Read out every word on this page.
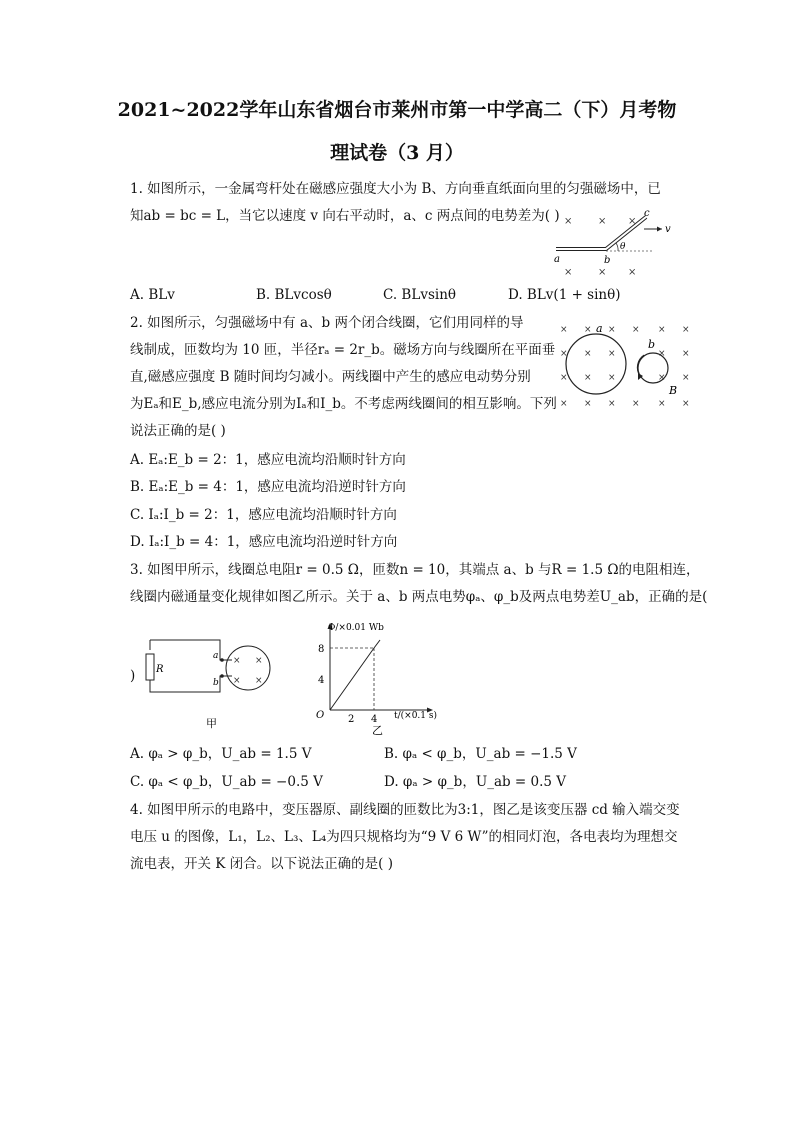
2021~2022学年山东省烟台市莱州市第一中学高二（下）月考物
理试卷（3 月）
1. 如图所示，一金属弯杆处在磁感应强度大小为 B、方向垂直纸面向里的匀强磁场中，已
知ab = bc = L，当它以速度 v 向右平动时，a、c 两点间的电势差为( ) ×	× ×
×	× ×
a	b
c
v
θ
A. BLv	B. BLvcosθ	C. BLvsinθ	D. BLv(1 + sinθ)
2. 如图所示，匀强磁场中有 a、b 两个闭合线圈，它们用同样的导
线制成，匝数均为 10 匝，半径rₐ = 2r_b。磁场方向与线圈所在平面垂
直,磁感应强度 B 随时间均匀减小。两线圈中产生的感应电动势分别
为Eₐ和E_b,感应电流分别为Iₐ和I_b。不考虑两线圈间的相互影响。下列
说法正确的是( )
× × × × × ×
× × ×	× ×
× × ×	× ×
× × × × × ×
a
b
B
A. Eₐ:E_b = 2：1，感应电流均沿顺时针方向
B. Eₐ:E_b = 4：1，感应电流均沿逆时针方向
C. Iₐ:I_b = 2：1，感应电流均沿顺时针方向
D. Iₐ:I_b = 4：1，感应电流均沿逆时针方向
3. 如图甲所示，线圈总电阻r = 0.5 Ω，匝数n = 10，其端点 a、b 与R = 1.5 Ω的电阻相连，
线圈内磁通量变化规律如图乙所示。关于 a、b 两点电势φₐ、φ_b及两点电势差U_ab，正确的是(
)
× ×
× ×
R
a
b
甲
Φ/×0.01 Wb
t/(×0.1 s)
O
4
8
2 4
乙
A. φₐ > φ_b，U_ab = 1.5 V	B. φₐ < φ_b，U_ab = −1.5 V
C. φₐ < φ_b，U_ab = −0.5 V	D. φₐ > φ_b，U_ab = 0.5 V
4. 如图甲所示的电路中，变压器原、副线圈的匝数比为3:1，图乙是该变压器 cd 输入端交变
电压 u 的图像，L₁，L₂、L₃、L₄为四只规格均为“9 V 6 W”的相同灯泡，各电表均为理想交
流电表，开关 K 闭合。以下说法正确的是( )
